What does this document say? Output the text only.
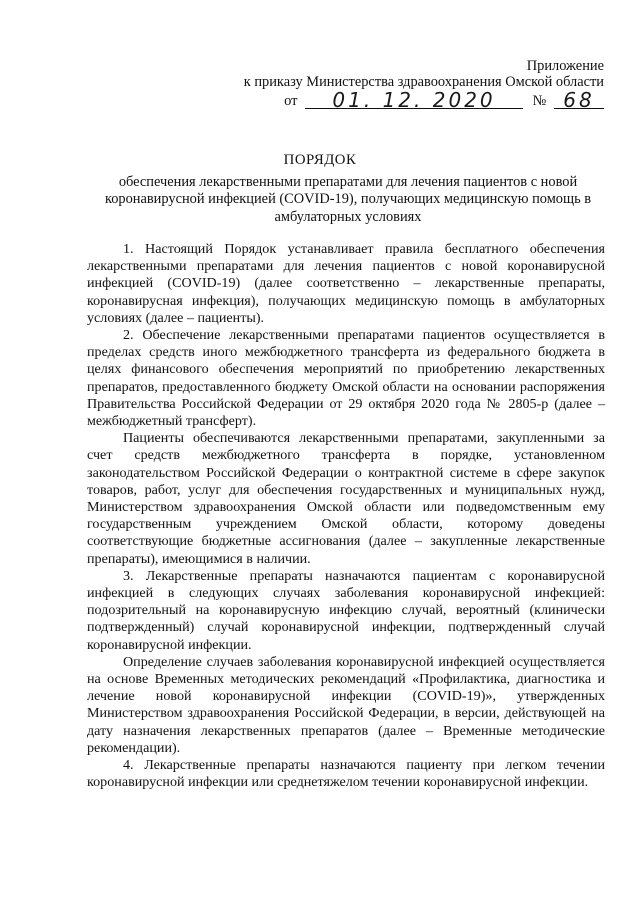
Приложение
к приказу Министерства здравоохранения Омской области
от	01. 12. 2020	№ 68
ПОРЯДОК
обеспечения лекарственными препаратами для лечения пациентов с новой коронавирусной инфекцией (COVID-19), получающих медицинскую помощь в амбулаторных условиях

1. Настоящий Порядок устанавливает правила бесплатного обеспечения лекарственными препаратами для лечения пациентов с новой коронавирусной инфекцией (COVID-19) (далее соответственно – лекарственные препараты, коронавирусная инфекция), получающих медицинскую помощь в амбулаторных условиях (далее – пациенты).

2. Обеспечение лекарственными препаратами пациентов осуществляется в пределах средств иного межбюджетного трансферта из федерального бюджета в целях финансового обеспечения мероприятий по приобретению лекарственных препаратов, предоставленного бюджету Омской области на основании распоряжения Правительства Российской Федерации от 29 октября 2020 года № 2805-р (далее – межбюджетный трансферт).

Пациенты обеспечиваются лекарственными препаратами, закупленными за счет средств межбюджетного трансферта в порядке, установленном законодательством Российской Федерации о контрактной системе в сфере закупок товаров, работ, услуг для обеспечения государственных и муниципальных нужд, Министерством здравоохранения Омской области или подведомственным ему государственным учреждением Омской области, которому доведены соответствующие бюджетные ассигнования (далее – закупленные лекарственные препараты), имеющимися в наличии.

3. Лекарственные препараты назначаются пациентам с коронавирусной инфекцией в следующих случаях заболевания коронавирусной инфекцией: подозрительный на коронавирусную инфекцию случай, вероятный (клинически подтвержденный) случай коронавирусной инфекции, подтвержденный случай коронавирусной инфекции.

Определение случаев заболевания коронавирусной инфекцией осуществляется на основе Временных методических рекомендаций «Профилактика, диагностика и лечение новой коронавирусной инфекции (COVID-19)», утвержденных Министерством здравоохранения Российской Федерации, в версии, действующей на дату назначения лекарственных препаратов (далее – Временные методические рекомендации).

4. Лекарственные препараты назначаются пациенту при легком течении коронавирусной инфекции или среднетяжелом течении коронавирусной инфекции.
